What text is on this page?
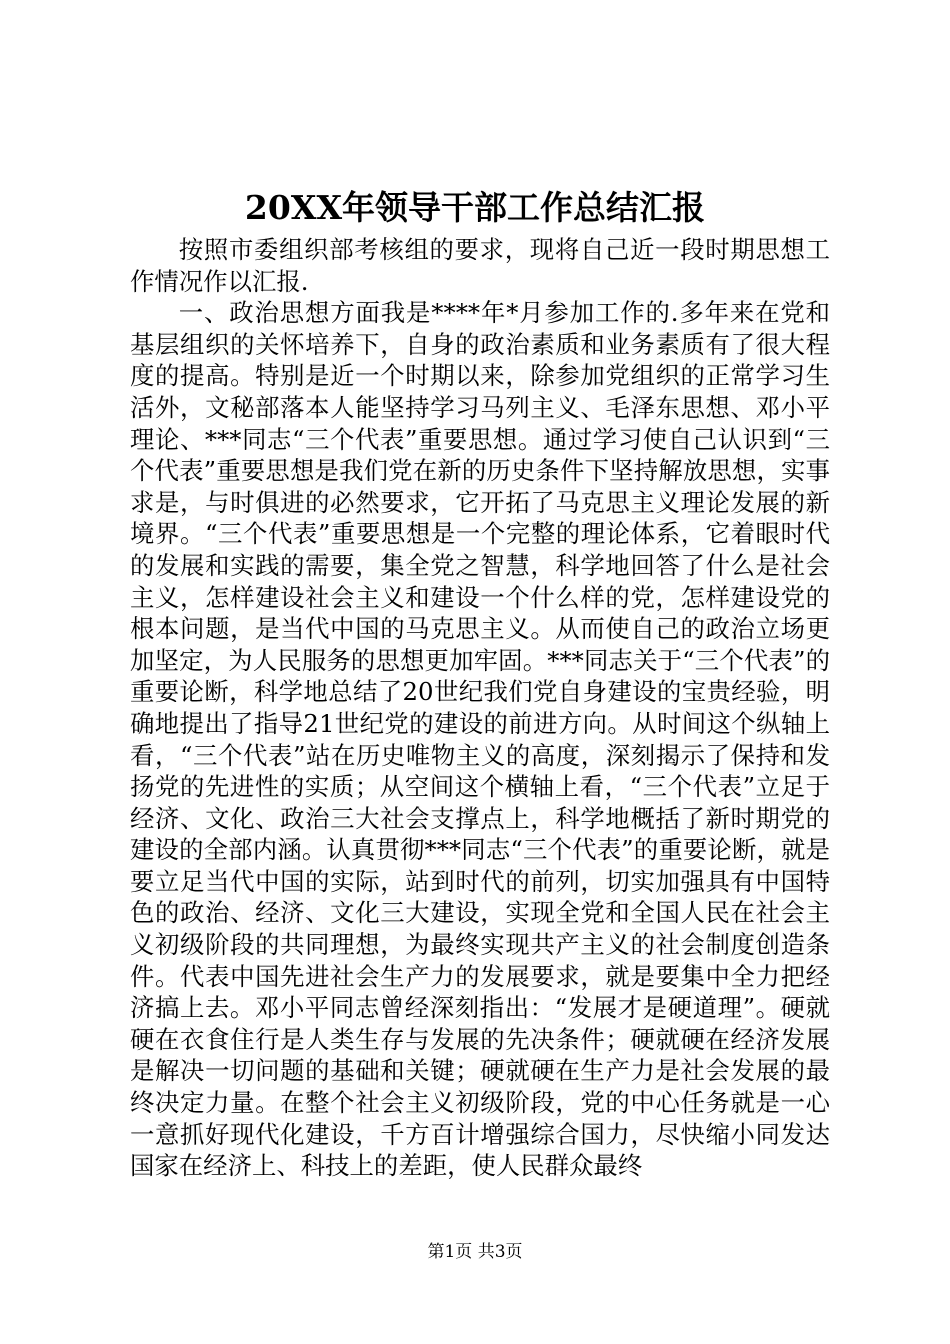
20XX年领导干部工作总结汇报

按照市委组织部考核组的要求，现将自己近一段时期思想工作情况作以汇报.

一、政治思想方面我是****年*月参加工作的.多年来在党和基层组织的关怀培养下，自身的政治素质和业务素质有了很大程度的提高。特别是近一个时期以来，除参加党组织的正常学习生活外，文秘部落本人能坚持学习马列主义、毛泽东思想、邓小平理论、***同志“三个代表”重要思想。通过学习使自己认识到“三个代表”重要思想是我们党在新的历史条件下坚持解放思想，实事求是，与时俱进的必然要求，它开拓了马克思主义理论发展的新境界。“三个代表”重要思想是一个完整的理论体系，它着眼时代的发展和实践的需要，集全党之智慧，科学地回答了什么是社会主义，怎样建设社会主义和建设一个什么样的党，怎样建设党的根本问题，是当代中国的马克思主义。从而使自己的政治立场更加坚定，为人民服务的思想更加牢固。***同志关于“三个代表”的重要论断，科学地总结了20世纪我们党自身建设的宝贵经验，明确地提出了指导21世纪党的建设的前进方向。从时间这个纵轴上看，“三个代表”站在历史唯物主义的高度，深刻揭示了保持和发扬党的先进性的实质；从空间这个横轴上看，“三个代表”立足于经济、文化、政治三大社会支撑点上，科学地概括了新时期党的建设的全部内涵。认真贯彻***同志“三个代表”的重要论断，就是要立足当代中国的实际，站到时代的前列，切实加强具有中国特色的政治、经济、文化三大建设，实现全党和全国人民在社会主义初级阶段的共同理想，为最终实现共产主义的社会制度创造条件。代表中国先进社会生产力的发展要求，就是要集中全力把经济搞上去。邓小平同志曾经深刻指出：“发展才是硬道理”。硬就硬在衣食住行是人类生存与发展的先决条件；硬就硬在经济发展是解决一切问题的基础和关键；硬就硬在生产力是社会发展的最终决定力量。在整个社会主义初级阶段，党的中心任务就是一心一意抓好现代化建设，千方百计增强综合国力，尽快缩小同发达国家在经济上、科技上的差距，使人民群众最终

第1页 共3页
